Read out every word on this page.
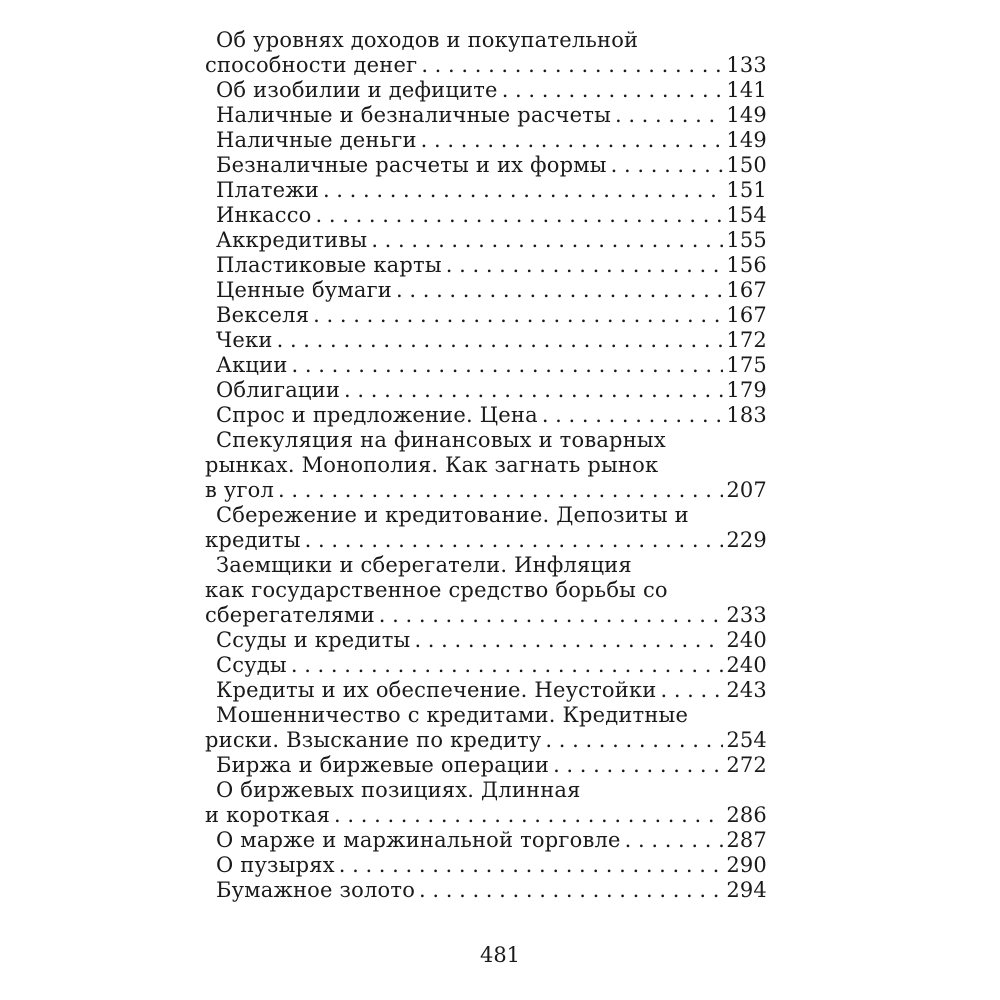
Об уровнях доходов и покупательной
способности денег . . .	133
Об изобилии и дефиците . . .	141
Наличные и безналичные расчеты . . .	149
Наличные деньги . . .	149
Безналичные расчеты и их формы . . .	150
Платежи . . .	151
Инкассо . . .	154
Аккредитивы . . .	155
Пластиковые карты . . .	156
Ценные бумаги . . .	167
Векселя . . .	167
Чеки . . .	172
Акции . . .	175
Облигации . . .	179
Спрос и предложение. Цена . . .	183
Спекуляция на финансовых и товарных
рынках. Монополия. Как загнать рынок
в угол . . .	207
Сбережение и кредитование. Депозиты и
кредиты . . .	229
Заемщики и сберегатели. Инфляция
как государственное средство борьбы со
сберегателями . . .	233
Ссуды и кредиты . . .	240
Ссуды . . .	240
Кредиты и их обеспечение. Неустойки . . .	243
Мошенничество с кредитами. Кредитные
риски. Взыскание по кредиту . . .	254
Биржа и биржевые операции . . .	272
О биржевых позициях. Длинная
и короткая . . .	286
О марже и маржинальной торговле . . .	287
О пузырях . . .	290
Бумажное золото . . .	294
481
